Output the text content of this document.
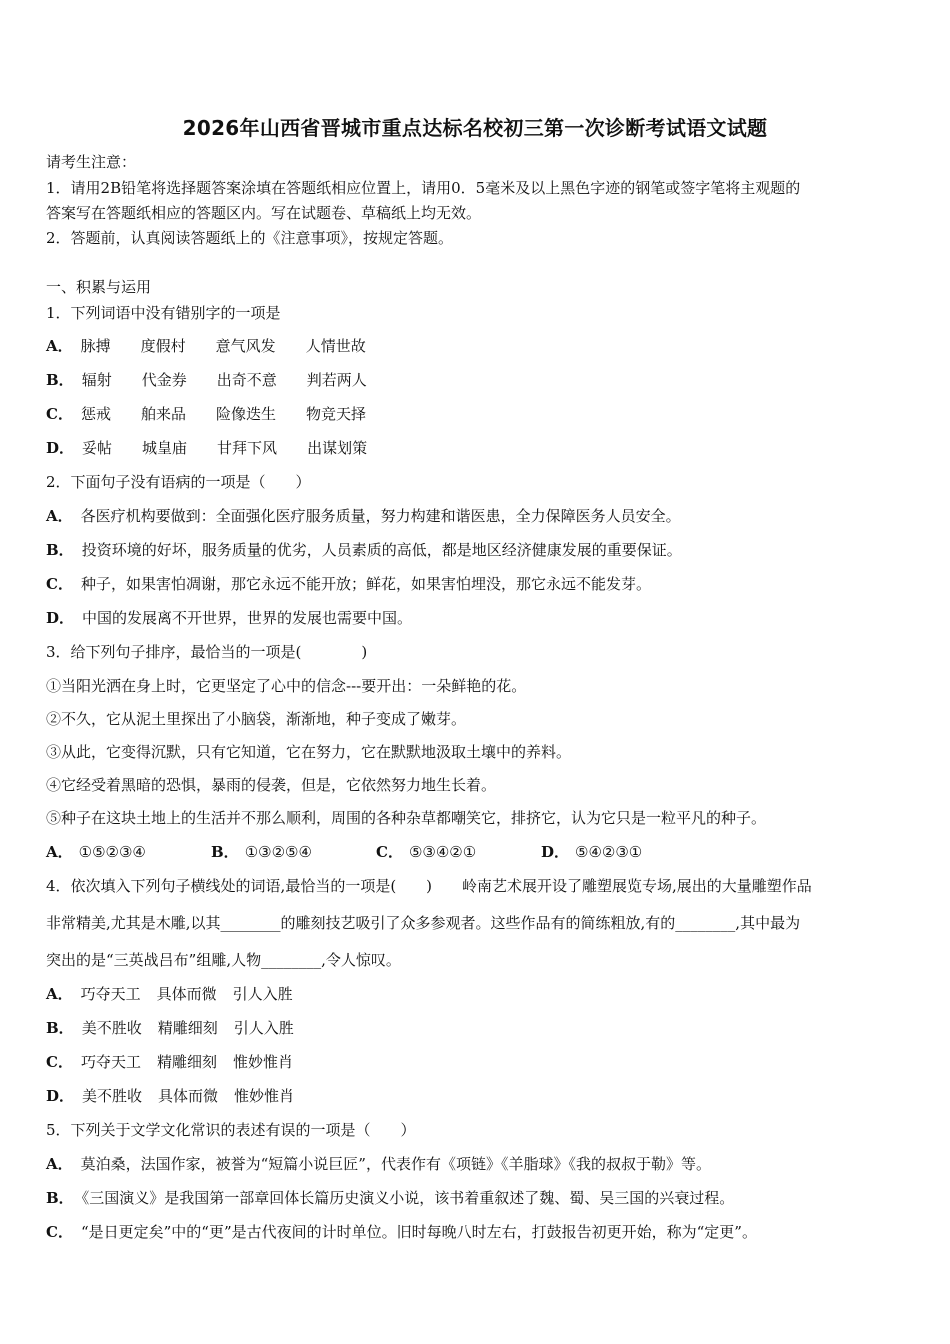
2026年山西省晋城市重点达标名校初三第一次诊断考试语文试题
请考生注意：
1．请用2B铅笔将选择题答案涂填在答题纸相应位置上，请用0．5毫米及以上黑色字迹的钢笔或签字笔将主观题的
答案写在答题纸相应的答题区内。写在试题卷、草稿纸上均无效。
2．答题前，认真阅读答题纸上的《注意事项》，按规定答题。
一、积累与运用
1．下列词语中没有错别字的一项是
A． 脉搏 度假村 意气风发 人情世故
B． 辐射 代金券 出奇不意 判若两人
C． 惩戒 舶来品 险像迭生 物竞天择
D． 妥帖 城皇庙 甘拜下风 出谋划策
2．下面句子没有语病的一项是（　　）
A． 各医疗机构要做到：全面强化医疗服务质量，努力构建和谐医患，全力保障医务人员安全。
B． 投资环境的好坏，服务质量的优劣，人员素质的高低，都是地区经济健康发展的重要保证。
C． 种子，如果害怕凋谢，那它永远不能开放；鲜花，如果害怕埋没，那它永远不能发芽。
D． 中国的发展离不开世界，世界的发展也需要中国。
3．给下列句子排序，最恰当的一项是(　　　　)
①当阳光洒在身上时，它更坚定了心中的信念---要开出：一朵鲜艳的花。
②不久，它从泥土里探出了小脑袋，渐渐地，种子变成了嫩芽。
③从此，它变得沉默，只有它知道，它在努力，它在默默地汲取土壤中的养料。
④它经受着黑暗的恐惧，暴雨的侵袭，但是，它依然努力地生长着。
⑤种子在这块土地上的生活并不那么顺利，周围的各种杂草都嘲笑它，排挤它，认为它只是一粒平凡的种子。
A． ①⑤②③④	B． ①③②⑤④	C． ⑤③④②①	D． ⑤④②③①
4．依次填入下列句子横线处的词语,最恰当的一项是(　　)　　岭南艺术展开设了雕塑展览专场,展出的大量雕塑作品
非常精美,尤其是木雕,以其________的雕刻技艺吸引了众多参观者。这些作品有的简练粗放,有的________,其中最为
突出的是“三英战吕布”组雕,人物________,令人惊叹。
A． 巧夺天工 具体而微 引人入胜
B． 美不胜收 精雕细刻 引人入胜
C． 巧夺天工 精雕细刻 惟妙惟肖
D． 美不胜收 具体而微 惟妙惟肖
5．下列关于文学文化常识的表述有误的一项是（　　）
A． 莫泊桑，法国作家，被誉为“短篇小说巨匠”，代表作有《项链》《羊脂球》《我的叔叔于勒》等。
B． 《三国演义》是我国第一部章回体长篇历史演义小说，该书着重叙述了魏、蜀、吴三国的兴衰过程。
C． “是日更定矣”中的“更”是古代夜间的计时单位。旧时每晚八时左右，打鼓报告初更开始，称为“定更”。
